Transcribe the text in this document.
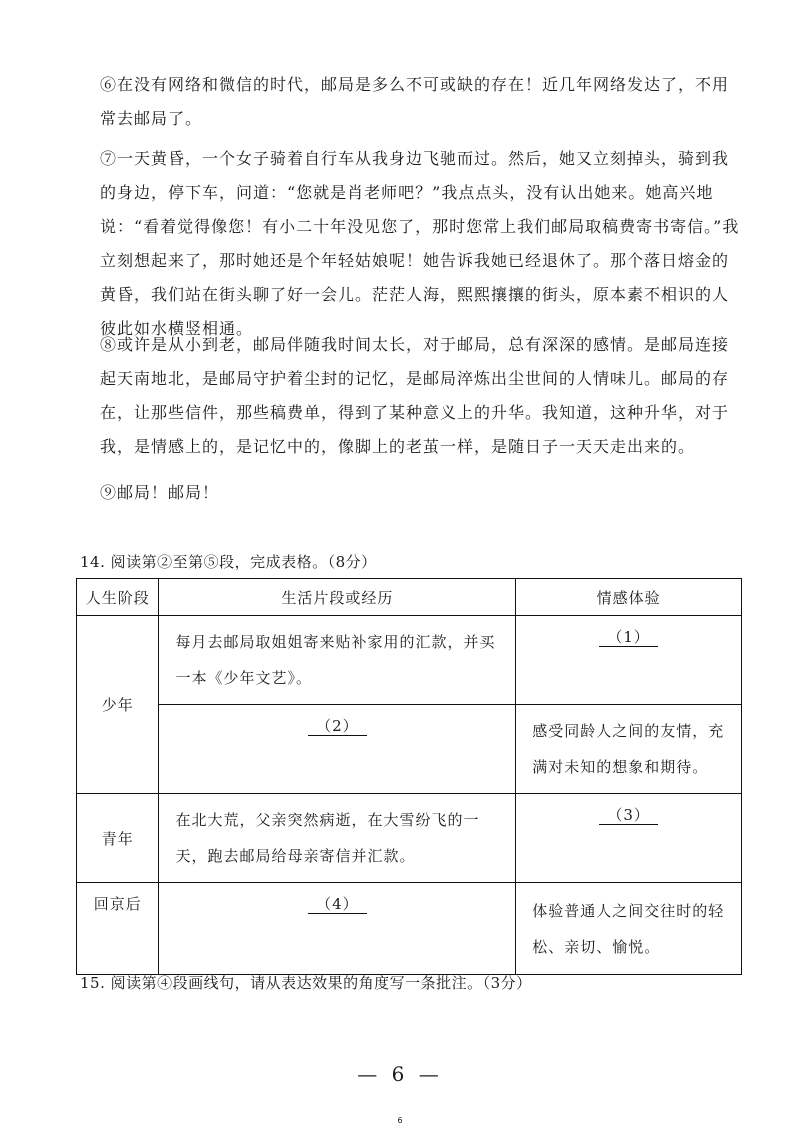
⑥在没有网络和微信的时代，邮局是多么不可或缺的存在！近几年网络发达了，不用常去邮局了。

⑦一天黄昏，一个女子骑着自行车从我身边飞驰而过。然后，她又立刻掉头，骑到我的身边，停下车，问道：“您就是肖老师吧？”我点点头，没有认出她来。她高兴地说：“看着觉得像您！有小二十年没见您了，那时您常上我们邮局取稿费寄书寄信。”我立刻想起来了，那时她还是个年轻姑娘呢！她告诉我她已经退休了。那个落日熔金的黄昏，我们站在街头聊了好一会儿。茫茫人海，熙熙攘攘的街头，原本素不相识的人彼此如水横竖相通。

⑧或许是从小到老，邮局伴随我时间太长，对于邮局，总有深深的感情。是邮局连接起天南地北，是邮局守护着尘封的记忆，是邮局淬炼出尘世间的人情味儿。邮局的存在，让那些信件，那些稿费单，得到了某种意义上的升华。我知道，这种升华，对于我，是情感上的，是记忆中的，像脚上的老茧一样，是随日子一天天走出来的。

⑨邮局！邮局！

14. 阅读第②至第⑤段，完成表格。（8分）

人生阶段	生活片段或经历	情感体验
少年	每月去邮局取姐姐寄来贴补家用的汇款，并买一本《少年文艺》。	（1）

	（2）	感受同龄人之间的友情，充满对未知的想象和期待。

青年	在北大荒，父亲突然病逝，在大雪纷飞的一天，跑去邮局给母亲寄信并汇款。	（3）

回京后	（4）	体验普通人之间交往时的轻松、亲切、愉悦。

15. 阅读第④段画线句，请从表达效果的角度写一条批注。（3分）

— 6 —
6
